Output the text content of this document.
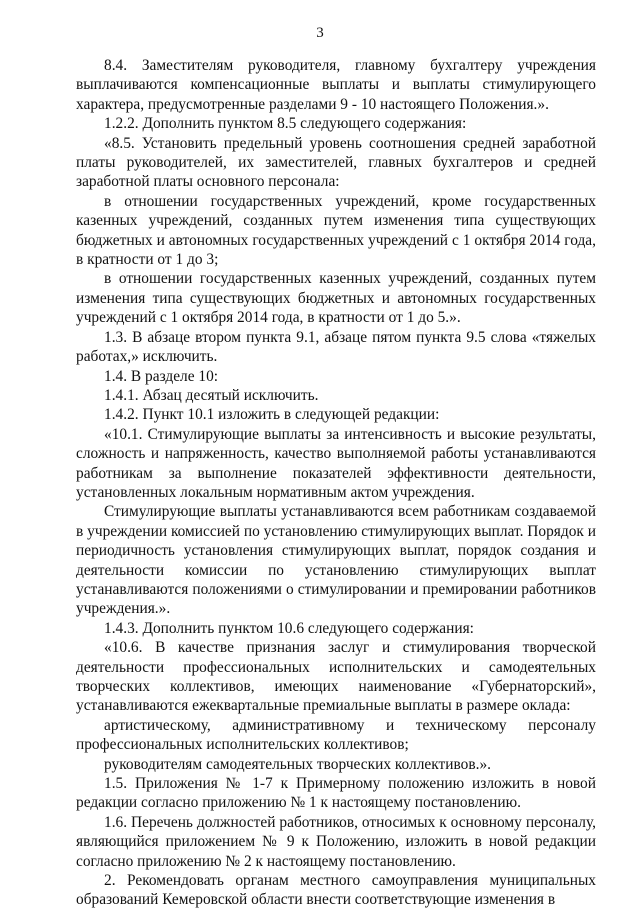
3

8.4. Заместителям руководителя, главному бухгалтеру учреждения выплачиваются компенсационные выплаты и выплаты стимулирующего характера, предусмотренные разделами 9 - 10 настоящего Положения.».

1.2.2. Дополнить пунктом 8.5 следующего содержания:

«8.5. Установить предельный уровень соотношения средней заработной платы руководителей, их заместителей, главных бухгалтеров и средней заработной платы основного персонала:

в отношении государственных учреждений, кроме государственных казенных учреждений, созданных путем изменения типа существующих бюджетных и автономных государственных учреждений с 1 октября 2014 года, в кратности от 1 до 3;

в отношении государственных казенных учреждений, созданных путем изменения типа существующих бюджетных и автономных государственных учреждений с 1 октября 2014 года, в кратности от 1 до 5.».

1.3. В абзаце втором пункта 9.1, абзаце пятом пункта 9.5 слова «тяжелых работах,» исключить.

1.4. В разделе 10:

1.4.1. Абзац десятый исключить.

1.4.2. Пункт 10.1 изложить в следующей редакции:

«10.1. Стимулирующие выплаты за интенсивность и высокие результаты, сложность и напряженность, качество выполняемой работы устанавливаются работникам за выполнение показателей эффективности деятельности, установленных локальным нормативным актом учреждения.

Стимулирующие выплаты устанавливаются всем работникам создаваемой в учреждении комиссией по установлению стимулирующих выплат. Порядок и периодичность установления стимулирующих выплат, порядок создания и деятельности комиссии по установлению стимулирующих выплат устанавливаются положениями о стимулировании и премировании работников учреждения.».

1.4.3. Дополнить пунктом 10.6 следующего содержания:

«10.6. В качестве признания заслуг и стимулирования творческой деятельности профессиональных исполнительских и самодеятельных творческих коллективов, имеющих наименование «Губернаторский», устанавливаются ежеквартальные премиальные выплаты в размере оклада:

артистическому, административному и техническому персоналу профессиональных исполнительских коллективов;

руководителям самодеятельных творческих коллективов.».

1.5. Приложения № 1-7 к Примерному положению изложить в новой редакции согласно приложению № 1 к настоящему постановлению.

1.6. Перечень должностей работников, относимых к основному персоналу, являющийся приложением № 9 к Положению, изложить в новой редакции согласно приложению № 2 к настоящему постановлению.

2. Рекомендовать органам местного самоуправления муниципальных образований Кемеровской области внести соответствующие изменения в
